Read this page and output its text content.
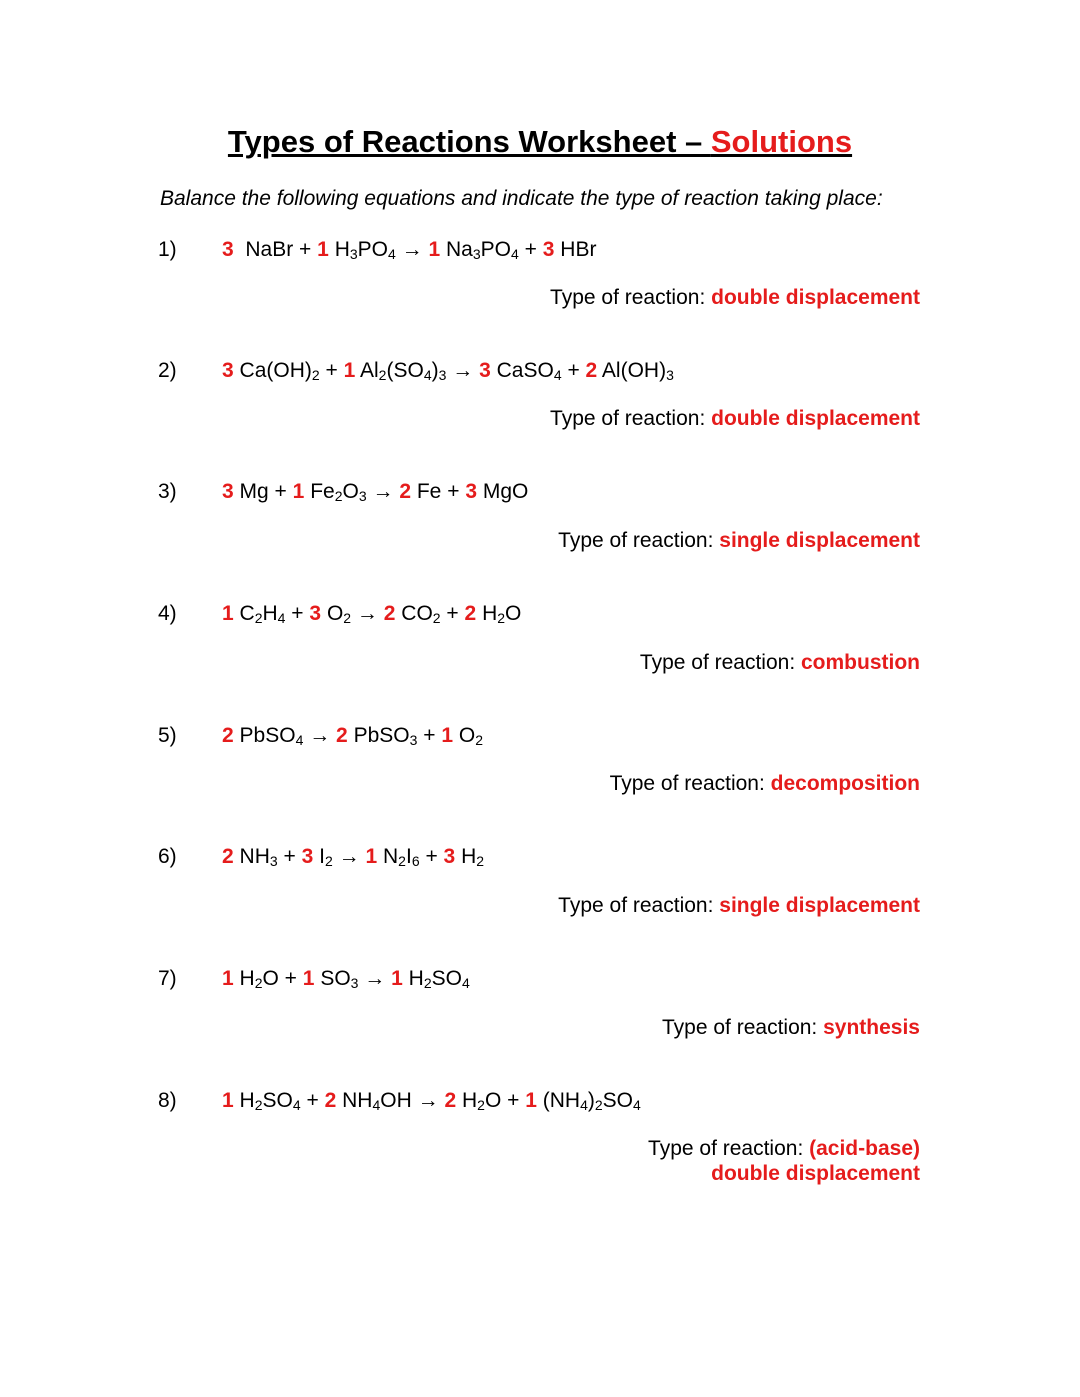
Types of Reactions Worksheet – Solutions
Balance the following equations and indicate the type of reaction taking place:
1) 3 NaBr + 1 $H_3PO_4 \to 1$ $Na_3PO_4 + 3$ HBr
Type of reaction: double displacement
2) 3 $Ca(OH)_2 + 1$ $Al_2(SO_4)_3 \to 3$ CaSO$_4$ + 2 $Al(OH)_3$
Type of reaction: double displacement
3) 3 Mg + 1 $Fe_2O_3 \to 2$ Fe + 3 MgO
Type of reaction: single displacement
4) 1 $C_2H_4 + 3$ $O_2 \to 2$ $CO_2 + 2$ $H_2O$
Type of reaction: combustion
5) 2 PbSO$_4$ → 2 PbSO$_3$ + 1 $O_2$
Type of reaction: decomposition
6) 2 $NH_3 + 3$ $I_2 \to 1$ $N_2I_6 + 3$ $H_2$
Type of reaction: single displacement
7) 1 $H_2O + 1$ $SO_3 \to 1$ $H_2SO_4$
Type of reaction: synthesis
8) 1 $H_2SO_4 + 2$ $NH_4OH \to 2$ $H_2O + 1$ $(NH_4)_2SO_4$
Type of reaction: (acid-base)
double displacement
